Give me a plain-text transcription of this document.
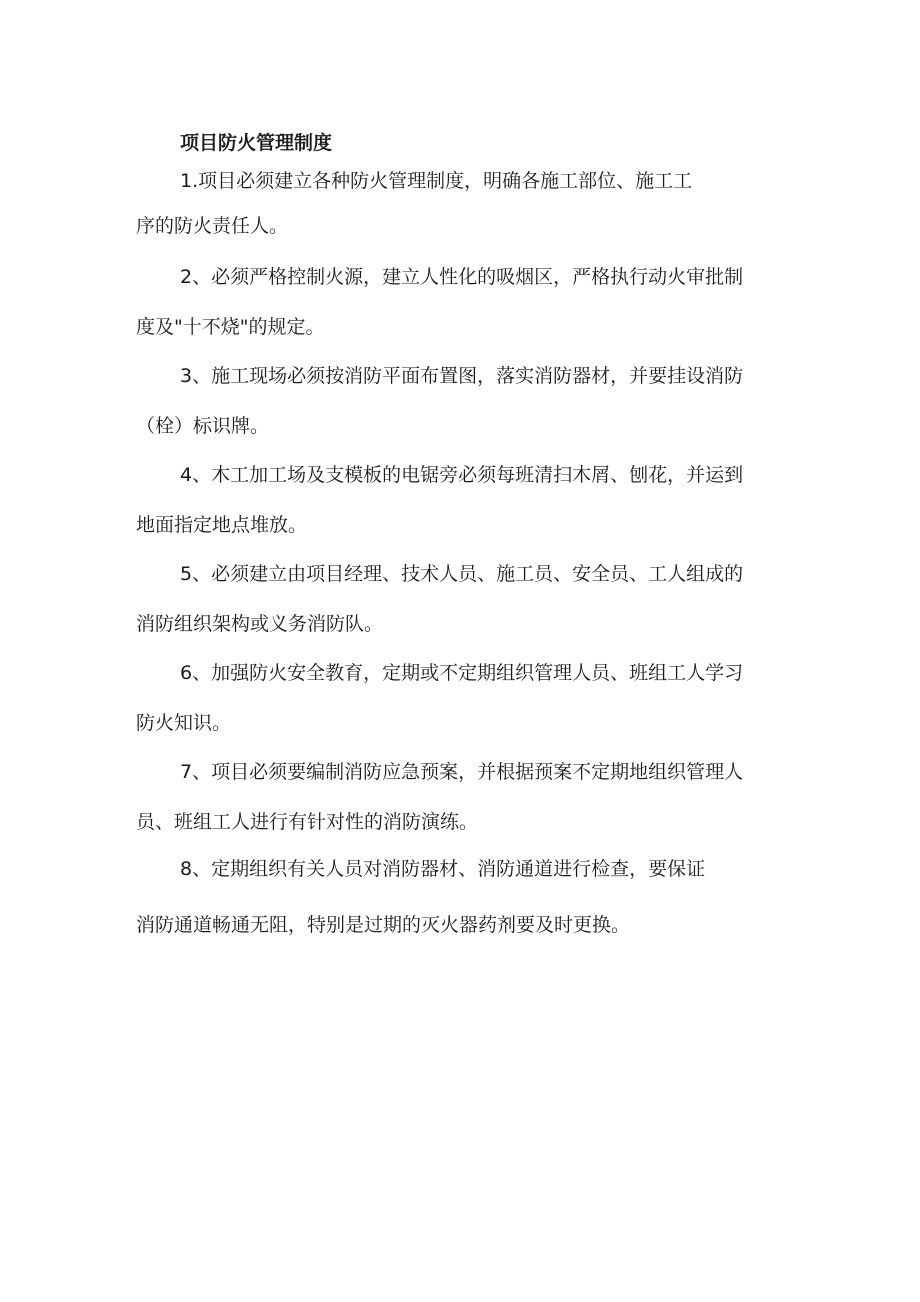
项目防火管理制度
1.项目必须建立各种防火管理制度，明确各施工部位、施工工
序的防火责任人。
2、必须严格控制火源，建立人性化的吸烟区，严格执行动火审批制
度及"十不烧"的规定。
3、施工现场必须按消防平面布置图，落实消防器材，并要挂设消防
（栓）标识牌。
4、木工加工场及支模板的电锯旁必须每班清扫木屑、刨花，并运到
地面指定地点堆放。
5、必须建立由项目经理、技术人员、施工员、安全员、工人组成的
消防组织架构或义务消防队。
6、加强防火安全教育，定期或不定期组织管理人员、班组工人学习
防火知识。
7、项目必须要编制消防应急预案，并根据预案不定期地组织管理人
员、班组工人进行有针对性的消防演练。
8、定期组织有关人员对消防器材、消防通道进行检查，要保证
消防通道畅通无阻，特别是过期的灭火器药剂要及时更换。
